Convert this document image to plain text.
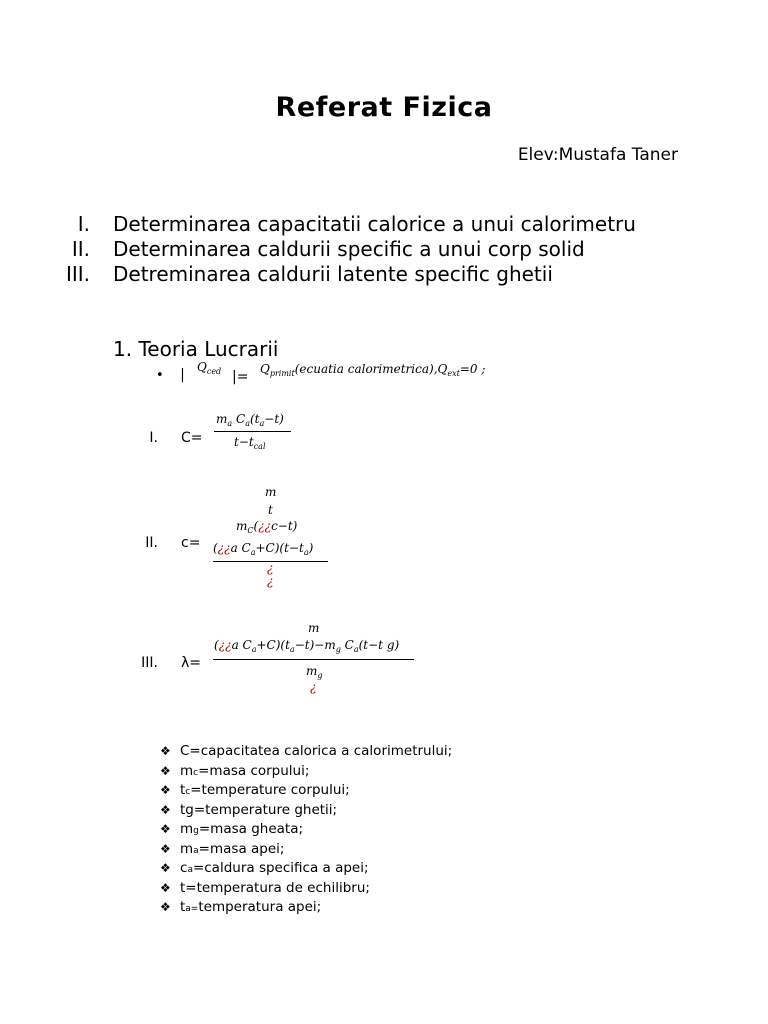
Referat Fizica
Elev:Mustafa Taner
I. Determinarea capacitatii calorice a unui calorimetru
II. Determinarea caldurii specific a unui corp solid
III. Detreminarea caldurii latente specific ghetii
1. Teoria Lucrarii
• | $Q_{ced}$ |= $Q_{primit}(ecuatia$ $calorimetrica),Q_{ext}=0$ ;
I. C=
$m_a$ $C_a(t_a-t)$
$t-t_{cal}$
m
t
II. c=
$m_C(¿¿c-t)$
(¿¿a $C_a+C)(t-t_a)$
¿
¿
m
III. λ=
(¿¿a $C_a+C)(t_a-t)-m_g$ $C_a(t-t$ g)
$m_g$
¿
❖ C=capacitatea calorica a calorimetrului;
❖ m c =masa corpului;
❖ t c =temperature corpului;
❖ tg=temperature ghetii;
❖ m g =masa gheata;
❖ m a =masa apei;
❖ c a =caldura specifica a apei;
❖ t=temperatura de echilibru;
❖ t a= temperatura apei;
